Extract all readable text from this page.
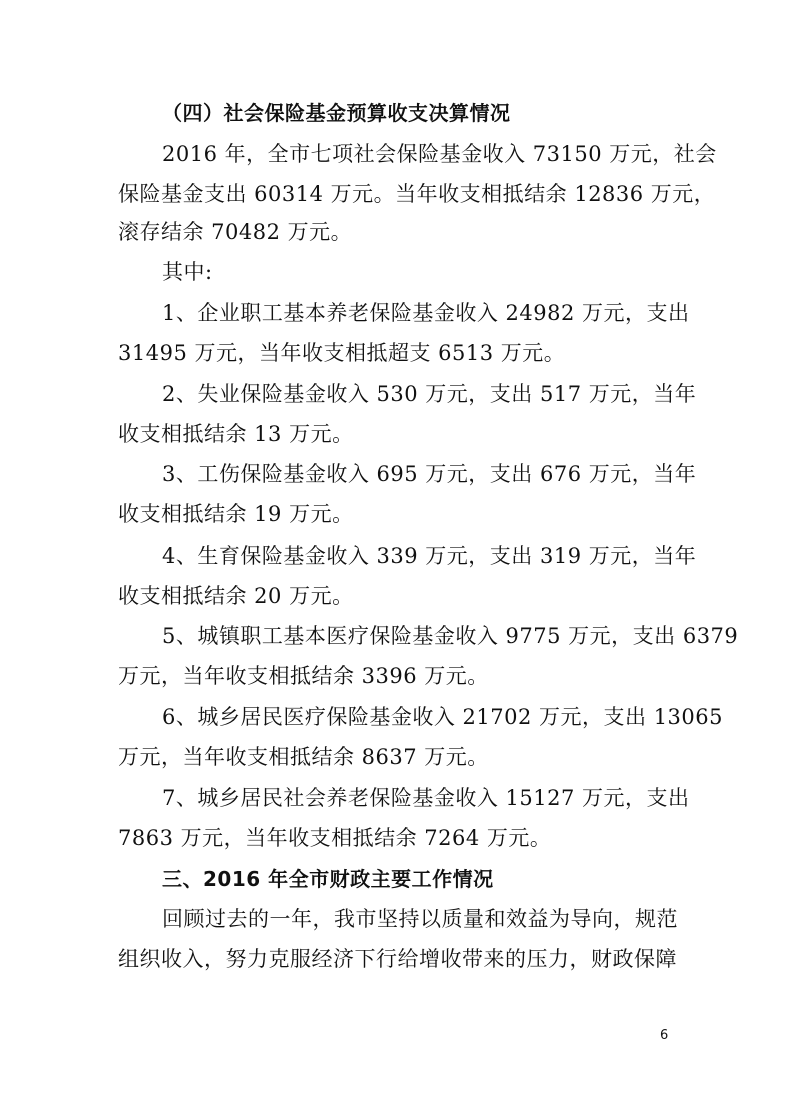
（四）社会保险基金预算收支决算情况
2016 年，全市七项社会保险基金收入 73150 万元，社会
保险基金支出 60314 万元。当年收支相抵结余 12836 万元，
滚存结余 70482 万元。
其中:
1、企业职工基本养老保险基金收入 24982 万元，支出
31495 万元，当年收支相抵超支 6513 万元。
2、失业保险基金收入 530 万元，支出 517 万元，当年
收支相抵结余 13 万元。
3、工伤保险基金收入 695 万元，支出 676 万元，当年
收支相抵结余 19 万元。
4、生育保险基金收入 339 万元，支出 319 万元，当年
收支相抵结余 20 万元。
5、城镇职工基本医疗保险基金收入 9775 万元，支出 6379
万元，当年收支相抵结余 3396 万元。
6、城乡居民医疗保险基金收入 21702 万元，支出 13065
万元，当年收支相抵结余 8637 万元。
7、城乡居民社会养老保险基金收入 15127 万元，支出
7863 万元，当年收支相抵结余 7264 万元。
三、2016 年全市财政主要工作情况
回顾过去的一年，我市坚持以质量和效益为导向，规范
组织收入，努力克服经济下行给增收带来的压力，财政保障
6
